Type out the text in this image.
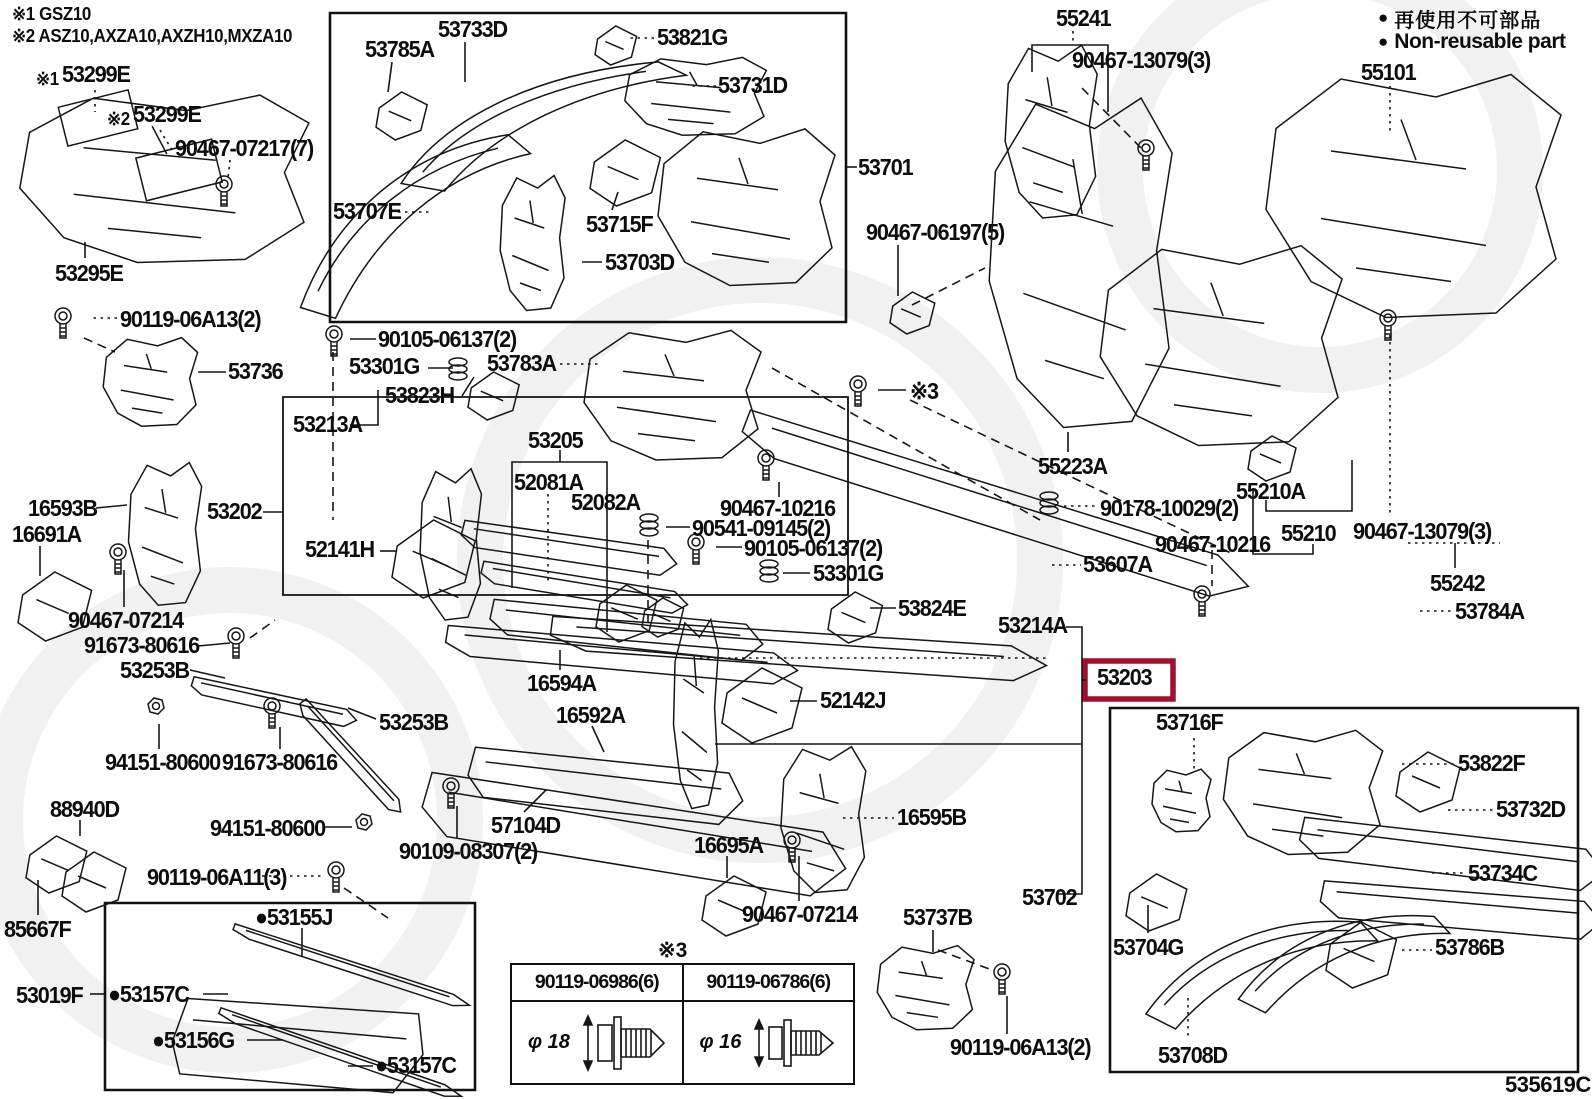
※1 GSZ10
※2 ASZ10,AXZA10,AXZH10,MXZA10
※1 53299E
※2 53299E
90467-07217(7)
53295E
90119-06A13(2)
53736
53785A
53733D	53821G
53731D
53707E	53715F
53703D
53701
55241
90467-13079(3)	55101
90467-06197(5)
※3
90105-06137(2)
53301G	53783A
53823H
53213A
53205
52081A
52082A
16593B
16691A
53202
52141H
90467-07214
91673-80616
53253B
90467-10216
90541-09145(2)
90105-06137(2)
53301G
55223A
90178-10029(2)
55210A
55210 90467-13079(3)
90467-10216
53607A
55242
53784A
53824E
53214A
53203
52142J
16594A
16592A
53253B
94151-80600 91673-80616
88940D
94151-80600
90119-06A11(3)
85667F
53019F
●53155J
●53157C
●53156G
●53157C
57104D
90109-08307(2)	16695A
16595B
90467-07214 53737B
53702
90119-06A13(2)
53716F
53822F
53732D
53734C
53704G	53786B
53708D
● 再使用不可部品
● Non-reusable part
※3
90119-06986(6)	90119-06786(6)
φ 18	φ 16
535619C
